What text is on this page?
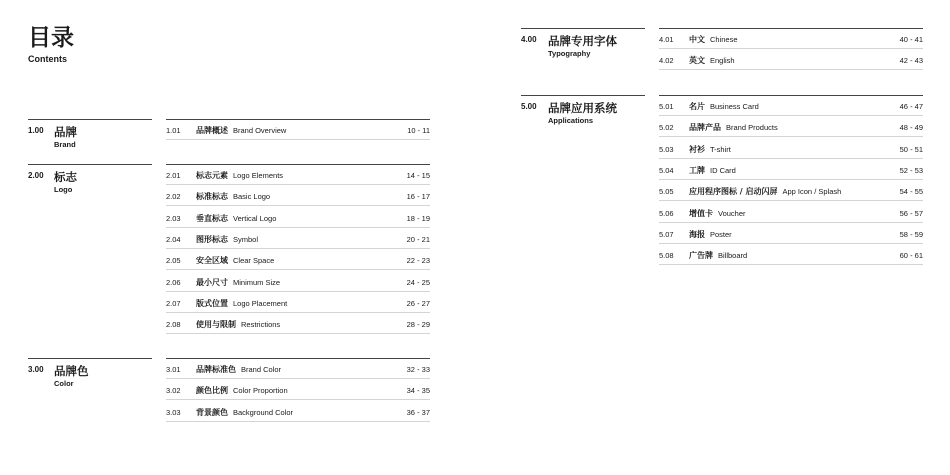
目录
Contents
1.00 品牌
Brand
1.01 品牌概述 Brand Overview	10 - 11
2.00 标志
Logo
2.01 标志元素 Logo Elements	14 - 15
2.02 标准标志 Basic Logo	16 - 17
2.03 垂直标志 Vertical Logo	18 - 19
2.04 图形标志 Symbol	20 - 21
2.05 安全区域 Clear Space	22 - 23
2.06 最小尺寸 Minimum Size	24 - 25
2.07 版式位置 Logo Placement	26 - 27
2.08 使用与限制 Restrictions	28 - 29
3.00 品牌色
Color
3.01 品牌标准色 Brand Color	32 - 33
3.02 颜色比例 Color Proportion	34 - 35
3.03 背景颜色 Background Color	36 - 37
4.00 品牌专用字体
Typography
4.01 中文 Chinese	40 - 41
4.02 英文 English	42 - 43
5.00 品牌应用系统
Applications
5.01 名片 Business Card	46 - 47
5.02 品牌产品 Brand Products	48 - 49
5.03 衬衫 T-shirt	50 - 51
5.04 工牌 ID Card	52 - 53
5.05 应用程序图标 / 启动闪屏 App Icon / Splash	54 - 55
5.06 增值卡 Voucher	56 - 57
5.07 海报 Poster	58 - 59
5.08 广告牌 Billboard	60 - 61
